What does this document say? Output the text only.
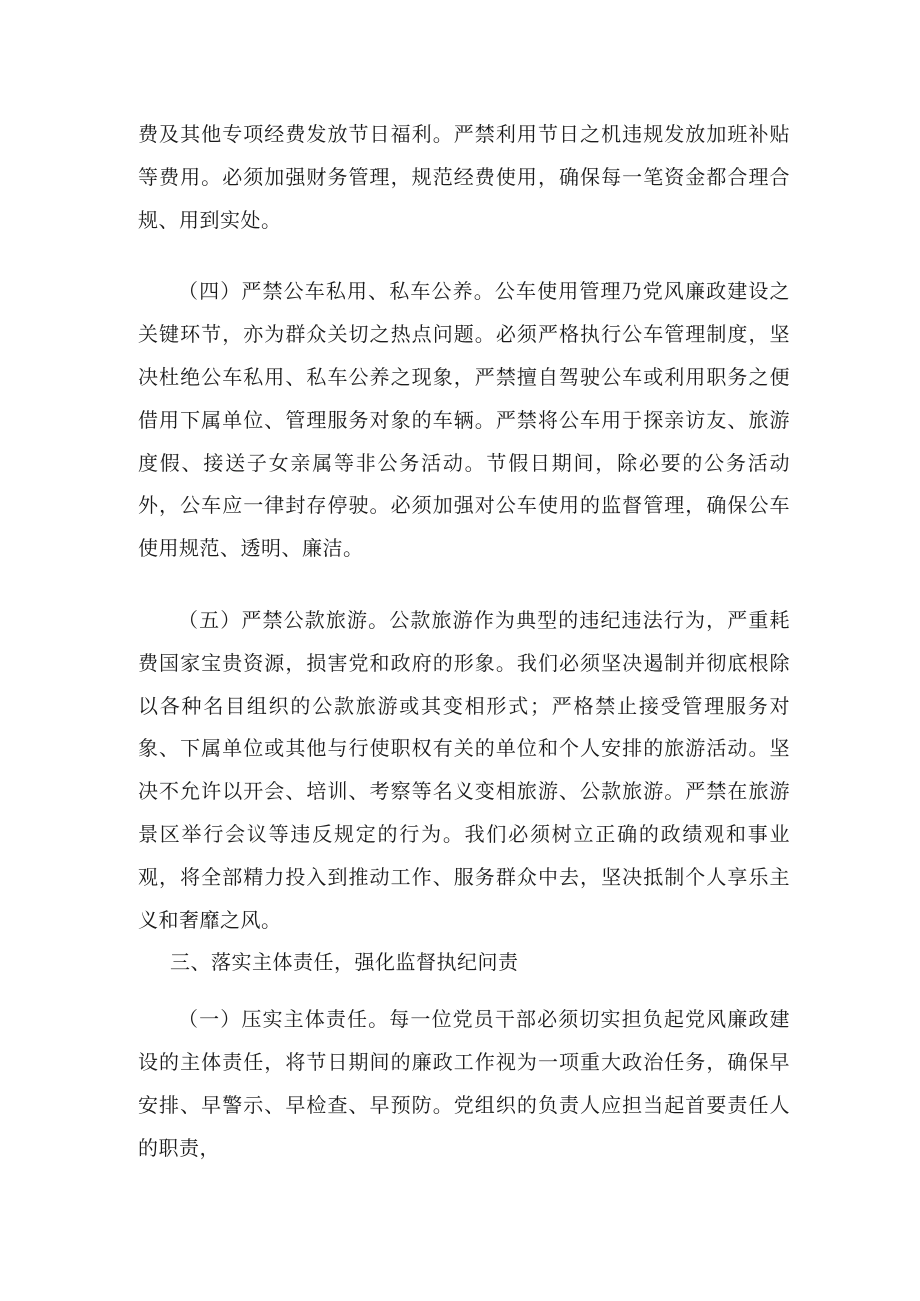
费及其他专项经费发放节日福利。严禁利用节日之机违规发放加班补贴等费用。必须加强财务管理，规范经费使用，确保每一笔资金都合理合规、用到实处。

（四）严禁公车私用、私车公养。公车使用管理乃党风廉政建设之关键环节，亦为群众关切之热点问题。必须严格执行公车管理制度，坚决杜绝公车私用、私车公养之现象，严禁擅自驾驶公车或利用职务之便借用下属单位、管理服务对象的车辆。严禁将公车用于探亲访友、旅游度假、接送子女亲属等非公务活动。节假日期间，除必要的公务活动外，公车应一律封存停驶。必须加强对公车使用的监督管理，确保公车使用规范、透明、廉洁。

（五）严禁公款旅游。公款旅游作为典型的违纪违法行为，严重耗费国家宝贵资源，损害党和政府的形象。我们必须坚决遏制并彻底根除以各种名目组织的公款旅游或其变相形式；严格禁止接受管理服务对象、下属单位或其他与行使职权有关的单位和个人安排的旅游活动。坚决不允许以开会、培训、考察等名义变相旅游、公款旅游。严禁在旅游景区举行会议等违反规定的行为。我们必须树立正确的政绩观和事业观，将全部精力投入到推动工作、服务群众中去，坚决抵制个人享乐主义和奢靡之风。

三、落实主体责任，强化监督执纪问责

（一）压实主体责任。每一位党员干部必须切实担负起党风廉政建设的主体责任，将节日期间的廉政工作视为一项重大政治任务，确保早安排、早警示、早检查、早预防。党组织的负责人应担当起首要责任人的职责，
